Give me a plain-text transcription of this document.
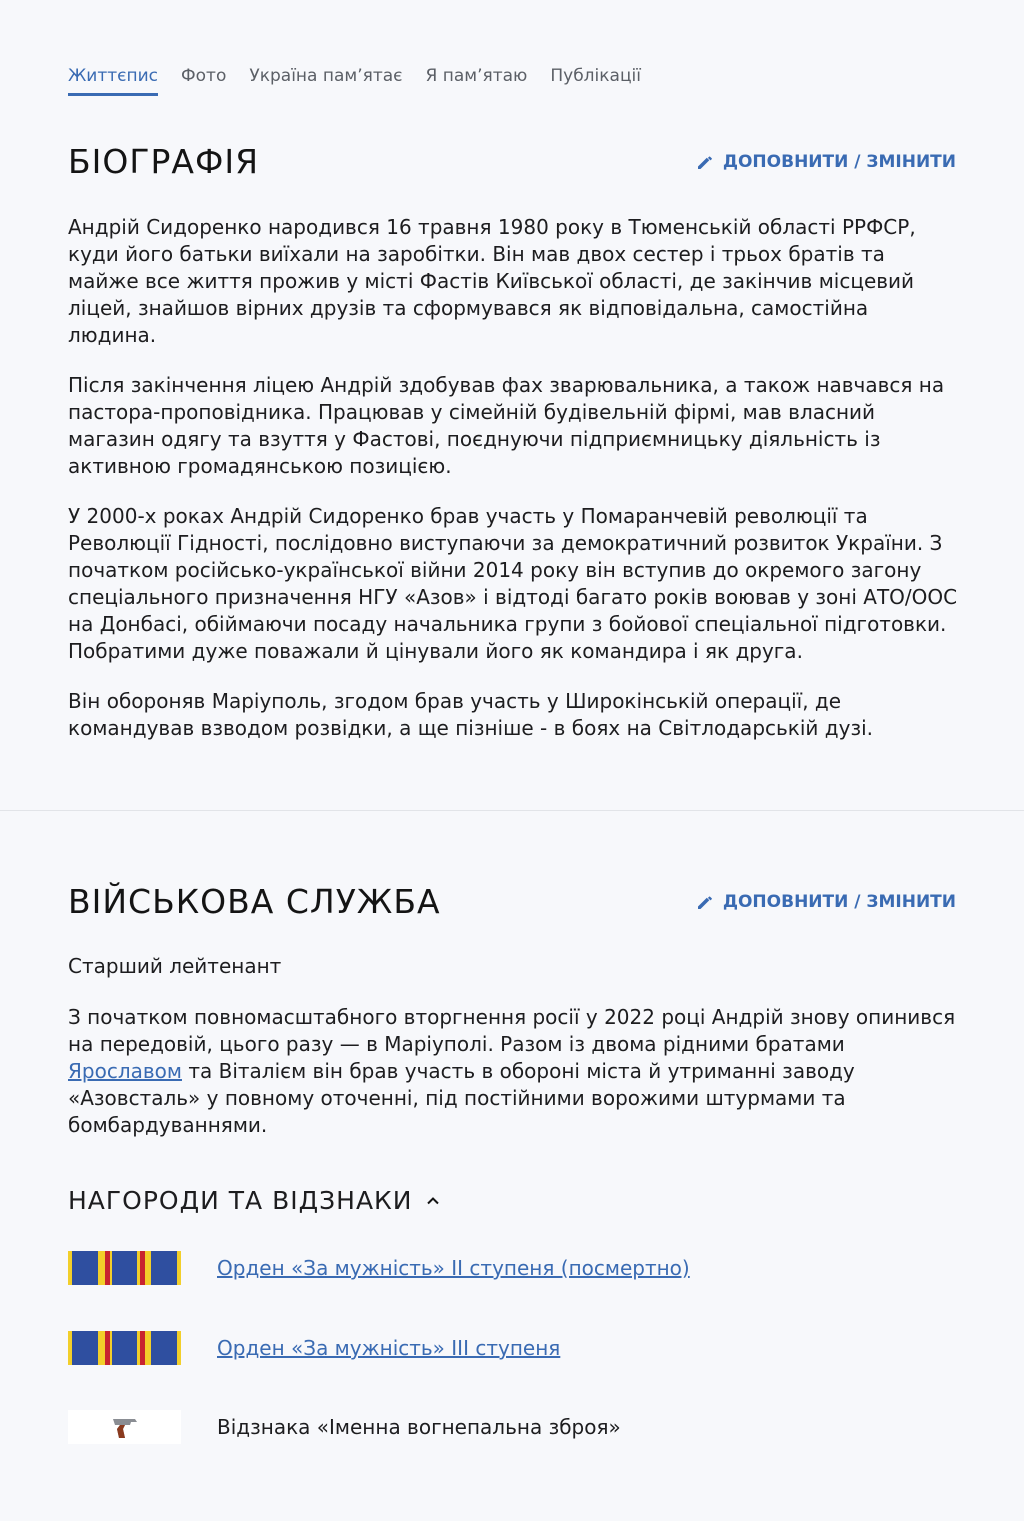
Життєпис Фото Україна пам’ятає Я пам’ятаю Публікації
БІОГРАФІЯ	ДОПОВНИТИ / ЗМІНИТИ

Андрій Сидоренко народився 16 травня 1980 року в Тюменській області РРФСР, куди його батьки виїхали на заробітки. Він мав двох сестер і трьох братів та майже все життя прожив у місті Фастів Київської області, де закінчив місцевий ліцей, знайшов вірних друзів та сформувався як відповідальна, самостійна людина.

Після закінчення ліцею Андрій здобував фах зварювальника, а також навчався на пастора-проповідника. Працював у сімейній будівельній фірмі, мав власний магазин одягу та взуття у Фастові, поєднуючи підприємницьку діяльність із активною громадянською позицією.

У 2000-х роках Андрій Сидоренко брав участь у Помаранчевій революції та Революції Гідності, послідовно виступаючи за демократичний розвиток України. З початком російсько-української війни 2014 року він вступив до окремого загону спеціального призначення НГУ «Азов» і відтоді багато років воював у зоні АТО/ООС на Донбасі, обіймаючи посаду начальника групи з бойової спеціальної підготовки. Побратими дуже поважали й цінували його як командира і як друга.

Він обороняв Маріуполь, згодом брав участь у Широкінській операції, де командував взводом розвідки, а ще пізніше - в боях на Світлодарській дузі.

ВІЙСЬКОВА СЛУЖБА	ДОПОВНИТИ / ЗМІНИТИ
Старший лейтенант

З початком повномасштабного вторгнення росії у 2022 році Андрій знову опинився на передовій, цього разу — в Маріуполі. Разом із двома рідними братами Ярославом та Віталієм він брав участь в обороні міста й утриманні заводу «Азовсталь» у повному оточенні, під постійними ворожими штурмами та бомбардуваннями.

НАГОРОДИ ТА ВІДЗНАКИ
Орден «За мужність» ІІ ступеня (посмертно)
Орден «За мужність» ІІІ ступеня
Відзнака «Іменна вогнепальна зброя»
